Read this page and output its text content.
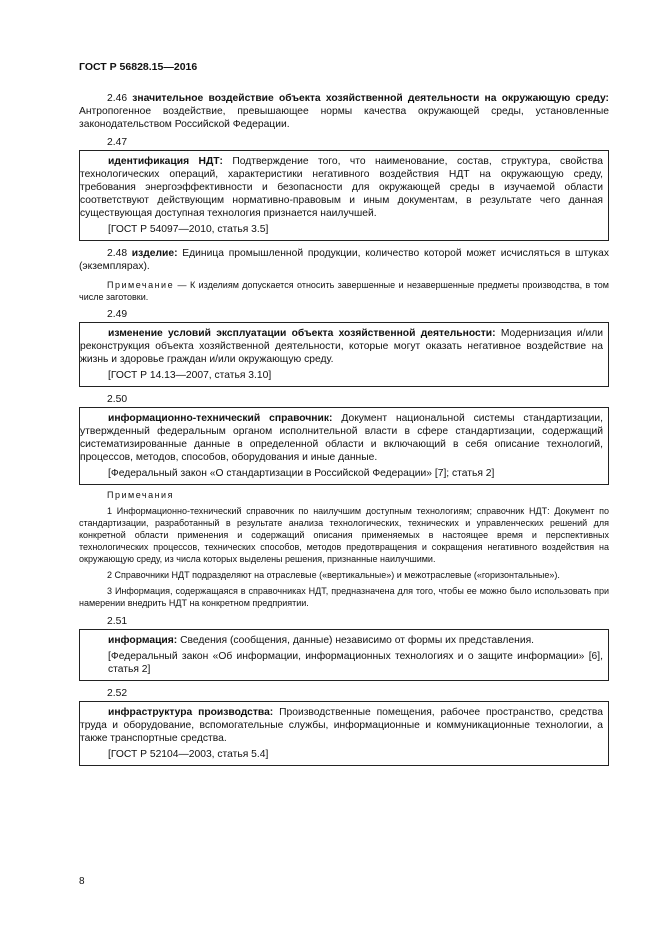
ГОСТ Р 56828.15—2016

2.46 значительное воздействие объекта хозяйственной деятельности на окружающую среду: Антропогенное воздействие, превышающее нормы качества окружающей среды, установленные законодательством Российской Федерации.

2.47

идентификация НДТ: Подтверждение того, что наименование, состав, структура, свойства технологических операций, характеристики негативного воздействия НДТ на окружающую среду, требования энергоэффективности и безопасности для окружающей среды в изучаемой области соответствуют действующим нормативно-правовым и иным документам, в результате чего данная существующая доступная технология признается наилучшей.

[ГОСТ Р 54097—2010, статья 3.5]

2.48 изделие: Единица промышленной продукции, количество которой может исчисляться в штуках (экземплярах).

Примечание — К изделиям допускается относить завершенные и незавершенные предметы производства, в том числе заготовки.

2.49

изменение условий эксплуатации объекта хозяйственной деятельности: Модернизация и/или реконструкция объекта хозяйственной деятельности, которые могут оказать негативное воздействие на жизнь и здоровье граждан и/или окружающую среду.

[ГОСТ Р 14.13—2007, статья 3.10]
2.50

информационно-технический справочник: Документ национальной системы стандартизации, утвержденный федеральным органом исполнительной власти в сфере стандартизации, содержащий систематизированные данные в определенной области и включающий в себя описание технологий, процессов, методов, способов, оборудования и иные данные.

[Федеральный закон «О стандартизации в Российской Федерации» [7]; статья 2]

Примечания

1 Информационно-технический справочник по наилучшим доступным технологиям; справочник НДТ: Документ по стандартизации, разработанный в результате анализа технологических, технических и управленческих решений для конкретной области применения и содержащий описания применяемых в настоящее время и перспективных технологических процессов, технических способов, методов предотвращения и сокращения негативного воздействия на окружающую среду, из числа которых выделены решения, признанные наилучшими.

2 Справочники НДТ подразделяют на отраслевые («вертикальные») и межотраслевые («горизонтальные»).

3 Информация, содержащаяся в справочниках НДТ, предназначена для того, чтобы ее можно было использовать при намерении внедрить НДТ на конкретном предприятии.

2.51

информация: Сведения (сообщения, данные) независимо от формы их представления.

[Федеральный закон «Об информации, информационных технологиях и о защите информации» [6], статья 2]
2.52

инфраструктура производства: Производственные помещения, рабочее пространство, средства труда и оборудование, вспомогательные службы, информационные и коммуникационные технологии, а также транспортные средства.

[ГОСТ Р 52104—2003, статья 5.4]
8
